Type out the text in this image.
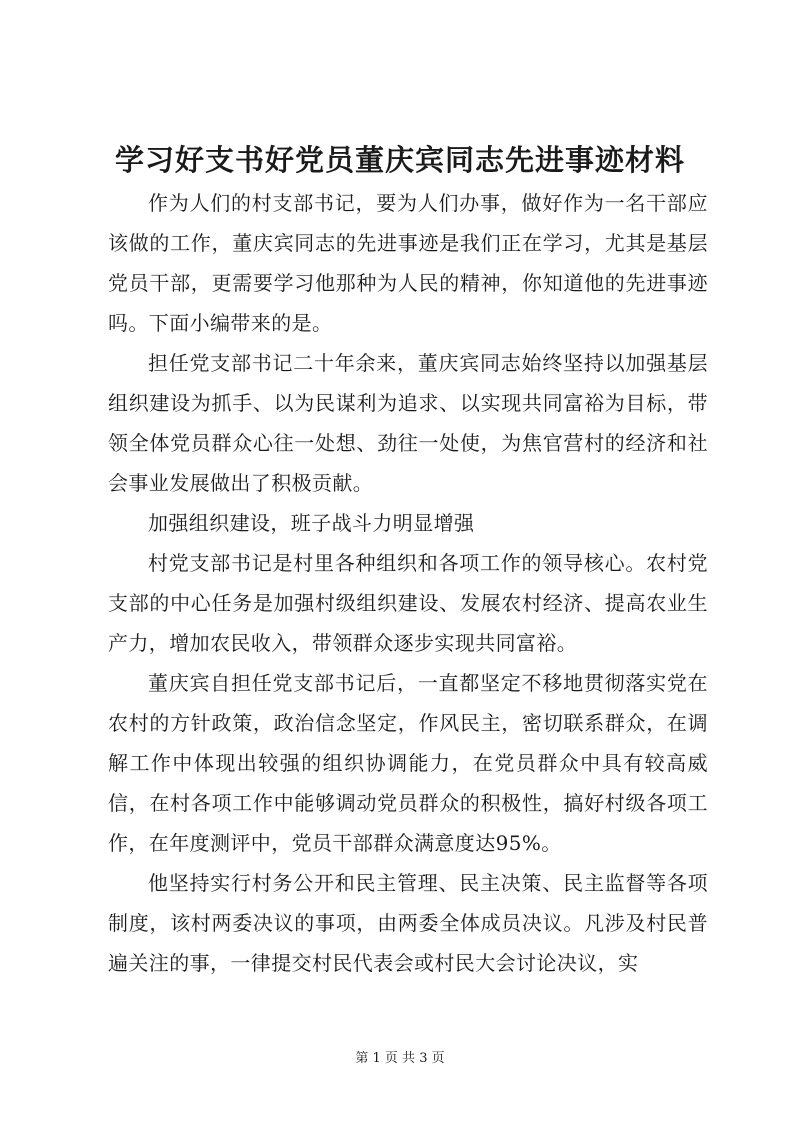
学习好支书好党员董庆宾同志先进事迹材料

作为人们的村支部书记，要为人们办事，做好作为一名干部应该做的工作，董庆宾同志的先进事迹是我们正在学习，尤其是基层党员干部，更需要学习他那种为人民的精神，你知道他的先进事迹吗。下面小编带来的是。

担任党支部书记二十年余来，董庆宾同志始终坚持以加强基层组织建设为抓手、以为民谋利为追求、以实现共同富裕为目标，带领全体党员群众心往一处想、劲往一处使，为焦官营村的经济和社会事业发展做出了积极贡献。

加强组织建设，班子战斗力明显增强

村党支部书记是村里各种组织和各项工作的领导核心。农村党支部的中心任务是加强村级组织建设、发展农村经济、提高农业生产力，增加农民收入，带领群众逐步实现共同富裕。

董庆宾自担任党支部书记后，一直都坚定不移地贯彻落实党在农村的方针政策，政治信念坚定，作风民主，密切联系群众，在调解工作中体现出较强的组织协调能力，在党员群众中具有较高威信，在村各项工作中能够调动党员群众的积极性，搞好村级各项工作，在年度测评中，党员干部群众满意度达95%。

他坚持实行村务公开和民主管理、民主决策、民主监督等各项制度，该村两委决议的事项，由两委全体成员决议。凡涉及村民普遍关注的事，一律提交村民代表会或村民大会讨论决议，实

第 1 页 共 3 页
